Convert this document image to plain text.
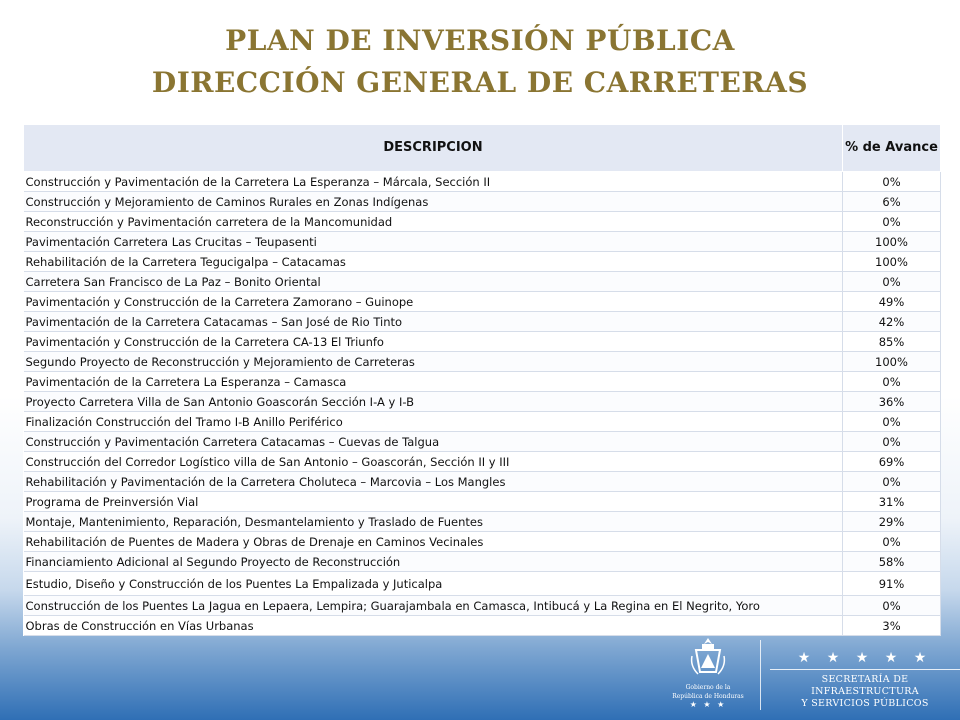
PLAN DE INVERSIÓN PÚBLICA
DIRECCIÓN GENERAL DE CARRETERAS
DESCRIPCION	% de Avance
Construcción y Pavimentación de la Carretera La Esperanza – Márcala, Sección II	0%
Construcción y Mejoramiento de Caminos Rurales en Zonas Indígenas	6%
Reconstrucción y Pavimentación carretera de la Mancomunidad	0%
Pavimentación Carretera Las Crucitas – Teupasenti	100%
Rehabilitación de la Carretera Tegucigalpa – Catacamas	100%
Carretera San Francisco de La Paz – Bonito Oriental	0%
Pavimentación y Construcción de la Carretera Zamorano – Guinope	49%
Pavimentación de la Carretera Catacamas – San José de Rio Tinto	42%
Pavimentación y Construcción de la Carretera CA-13 El Triunfo	85%
Segundo Proyecto de Reconstrucción y Mejoramiento de Carreteras	100%
Pavimentación de la Carretera La Esperanza – Camasca	0%
Proyecto Carretera Villa de San Antonio Goascorán Sección I-A y I-B	36%
Finalización Construcción del Tramo I-B Anillo Periférico	0%
Construcción y Pavimentación Carretera Catacamas – Cuevas de Talgua	0%
Construcción del Corredor Logístico villa de San Antonio – Goascorán, Sección II y III	69%
Rehabilitación y Pavimentación de la Carretera Choluteca – Marcovia – Los Mangles	0%
Programa de Preinversión Vial	31%
Montaje, Mantenimiento, Reparación, Desmantelamiento y Traslado de Fuentes	29%
Rehabilitación de Puentes de Madera y Obras de Drenaje en Caminos Vecinales	0%
Financiamiento Adicional al Segundo Proyecto de Reconstrucción	58%
Estudio, Diseño y Construcción de los Puentes La Empalizada y Juticalpa	91%
Construcción de los Puentes La Jagua en Lepaera, Lempira; Guarajambala en Camasca, Intibucá y La Regina en El Negrito, Yoro	0%
Obras de Construcción en Vías Urbanas	3%
Gobierno de la
República de Honduras
★ ★ ★
★ ★ ★ ★ ★
SECRETARÍA DE INFRAESTRUCTURA
Y SERVICIOS PÚBLICOS
